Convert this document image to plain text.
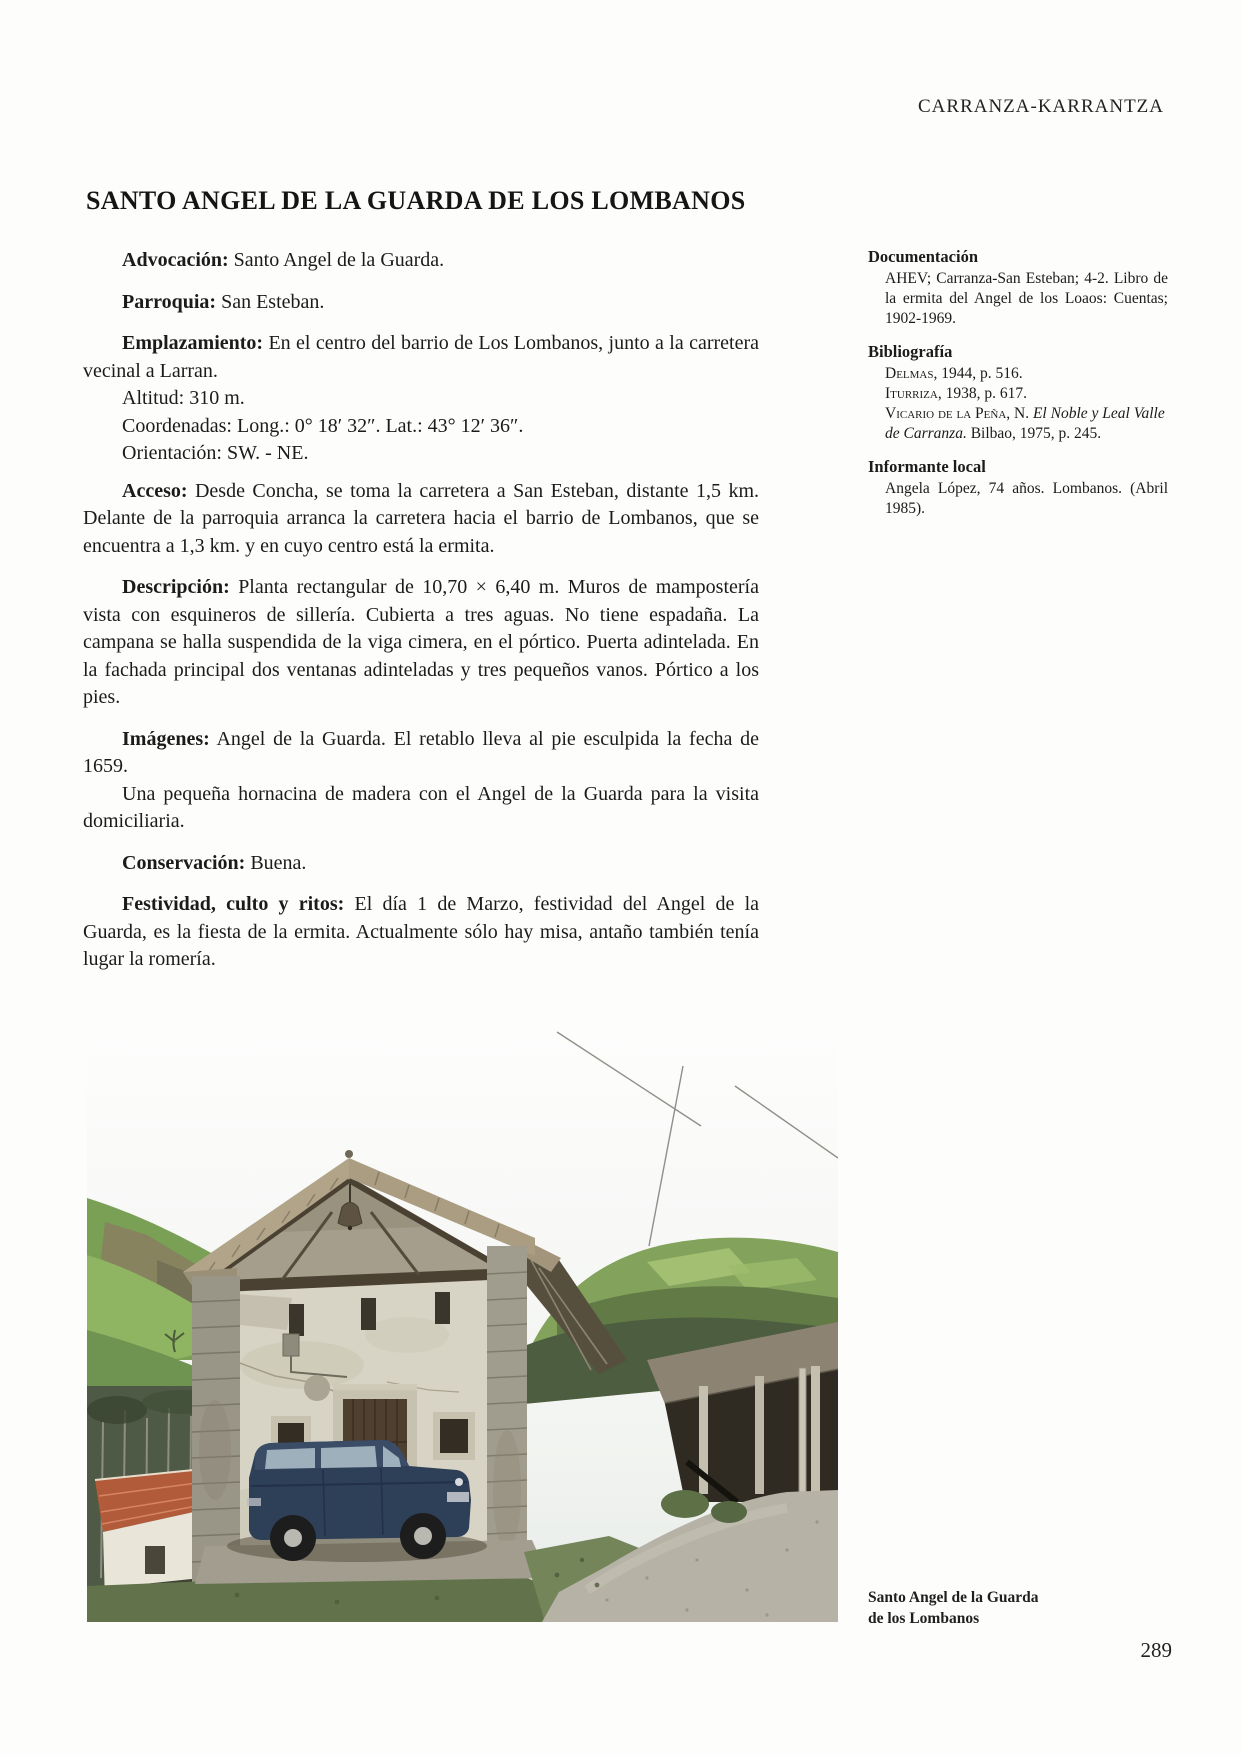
CARRANZA-KARRANTZA
SANTO ANGEL DE LA GUARDA DE LOS LOMBANOS

Advocación: Santo Angel de la Guarda.

Parroquia: San Esteban.

Emplazamiento: En el centro del barrio de Los Lombanos, junto a la carretera vecinal a Larran.

Altitud: 310 m.

Coordenadas: Long.: 0° 18′ 32″. Lat.: 43° 12′ 36″.

Orientación: SW. - NE.

Acceso: Desde Concha, se toma la carretera a San Esteban, distante 1,5 km. Delante de la parroquia arranca la carretera hacia el barrio de Lombanos, que se encuentra a 1,3 km. y en cuyo centro está la ermita.

Descripción: Planta rectangular de 10,70 × 6,40 m. Muros de mampostería vista con esquineros de sillería. Cubierta a tres aguas. No tiene espadaña. La campana se halla suspendida de la viga cimera, en el pórtico. Puerta adintelada. En la fachada principal dos ventanas adinteladas y tres pequeños vanos. Pórtico a los pies.

Imágenes: Angel de la Guarda. El retablo lleva al pie esculpida la fecha de 1659.

Una pequeña hornacina de madera con el Angel de la Guarda para la visita domiciliaria.

Conservación: Buena.

Festividad, culto y ritos: El día 1 de Marzo, festividad del Angel de la Guarda, es la fiesta de la ermita. Actualmente sólo hay misa, antaño también tenía lugar la romería.

Documentación

AHEV; Carranza-San Esteban; 4-2. Libro de la ermita del Angel de los Loaos: Cuentas; 1902-1969.

Bibliografía

Delmas, 1944, p. 516.

Iturriza, 1938, p. 617.

Vicario de la Peña, N. El Noble y Leal Valle de Carranza. Bilbao, 1975, p. 245.

Informante local

Angela López, 74 años. Lombanos. (Abril 1985).

Santo Angel de la Guarda
de los Lombanos
289
